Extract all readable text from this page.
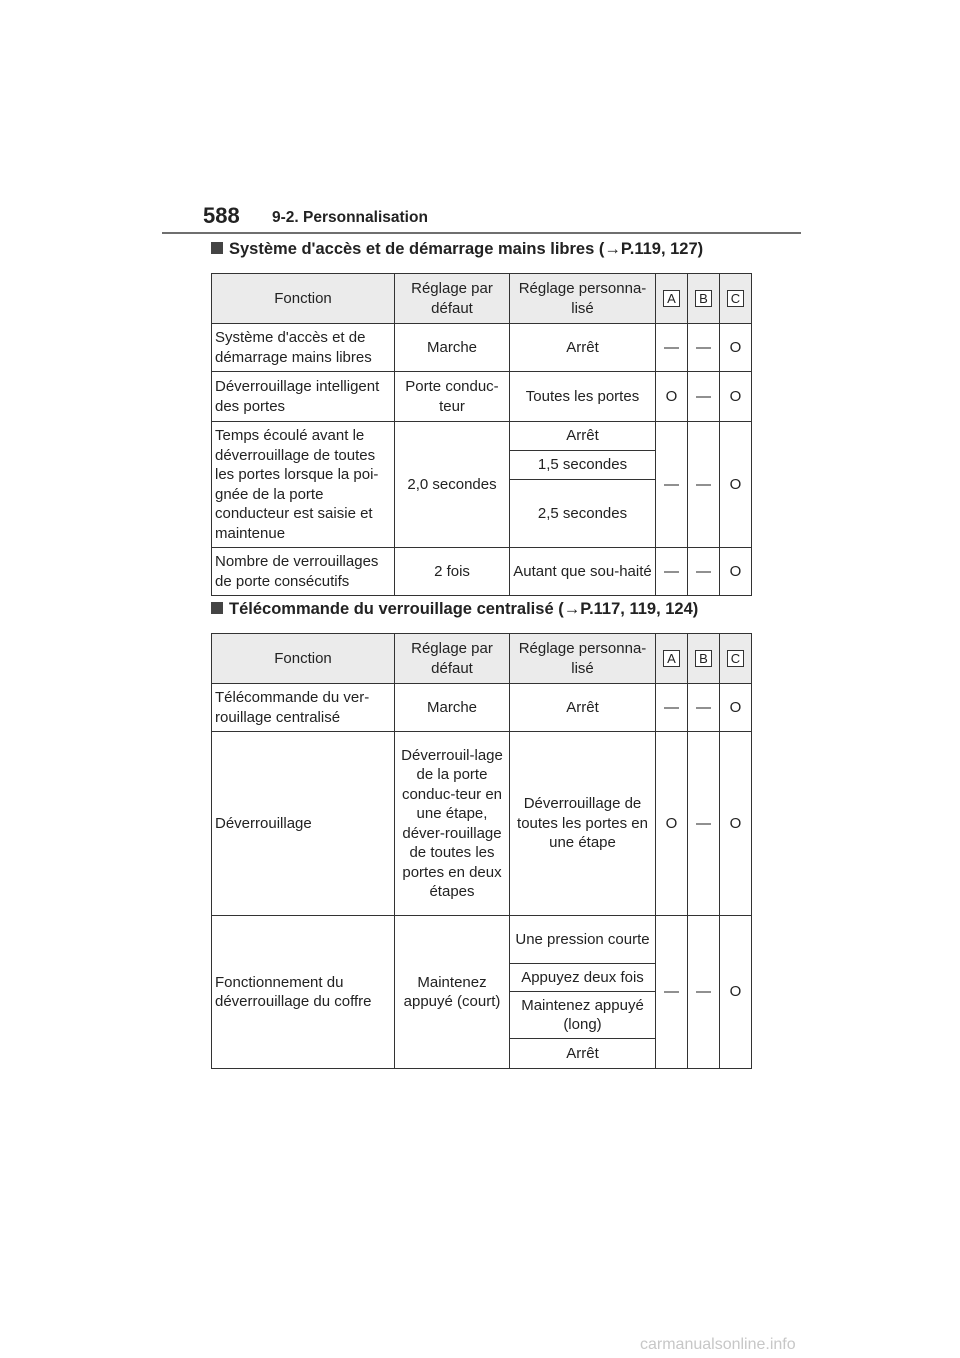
588 9-2. Personnalisation
Système d'accès et de démarrage mains libres (→P.119, 127)
Fonction	Réglage par défaut	Réglage personna-lisé	A	B	C
Système d'accès et de démarrage mains libres	Marche	Arrêt	—	—	O
Déverrouillage intelligent des portes	Porte conduc-teur	Toutes les portes	O	—	O
Temps écoulé avant le déverrouillage de toutes les portes lorsque la poi-gnée de la porte conducteur est saisie et maintenue	2,0 secondes	Arrêt	—	—	O
		1,5 secondes			
		2,5 secondes			
Nombre de verrouillages de porte consécutifs	2 fois	Autant que sou-haité	—	—	O
Télécommande du verrouillage centralisé (→P.117, 119, 124)
Fonction	Réglage par défaut	Réglage personna-lisé	A	B	C
Télécommande du ver-rouillage centralisé	Marche	Arrêt	—	—	O
Déverrouillage	Déverrouil-lage de la porte conduc-teur en une étape, déver-rouillage de toutes les portes en deux étapes	Déverrouillage de toutes les portes en une étape	O	—	O
Fonctionnement du déverrouillage du coffre	Maintenez appuyé (court)	Une pression courte	—	—	O
		Appuyez deux fois			
		Maintenez appuyé (long)			
		Arrêt			
carmanualsonline.info
